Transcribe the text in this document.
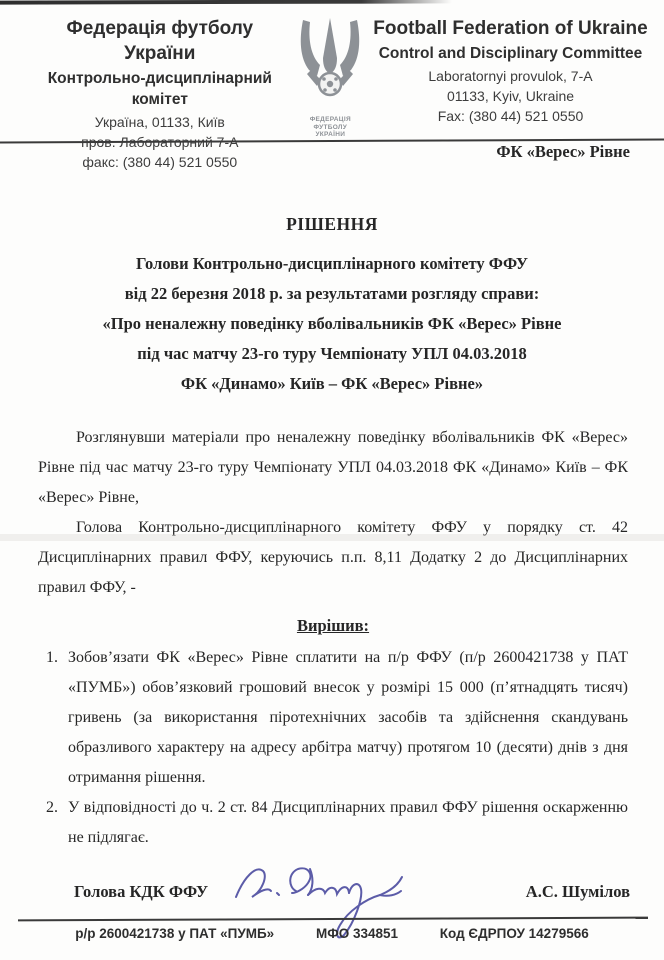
Федерація футболу України
Контрольно-дисциплінарний комітет
Україна, 01133, Київ
факс: (380 44) 521 0550
ФЕДЕРАЦІЯ
ФУТБОЛУ
УКРАЇНИ
Football Federation of Ukraine
Control and Disciplinary Committee
Laboratornyi provulok, 7-A
01133, Kyiv, Ukraine
Fax: (380 44) 521 0550
ФК «Верес» Рівне
РІШЕННЯ
Голови Контрольно-дисциплінарного комітету ФФУ
від 22 березня 2018 р. за результатами розгляду справи:
«Про неналежну поведінку вболівальників ФК «Верес» Рівне
під час матчу 23-го туру Чемпіонату УПЛ 04.03.2018
ФК «Динамо» Київ – ФК «Верес» Рівне»

Розглянувши матеріали про неналежну поведінку вболівальників ФК «Верес» Рівне під час матчу 23-го туру Чемпіонату УПЛ 04.03.2018 ФК «Динамо» Київ – ФК «Верес» Рівне,

Голова Контрольно-дисциплінарного комітету ФФУ у порядку ст. 42 Дисциплінарних правил ФФУ, керуючись п.п. 8,11 Додатку 2 до Дисциплінарних правил ФФУ, -

Вирішив:
1. Зобов’язати ФК «Верес» Рівне сплатити на п/р ФФУ (п/р 2600421738 у ПАТ «ПУМБ») обов’язковий грошовий внесок у розмірі 15 000 (п’ятнадцять тисяч) гривень (за використання піротехнічних засобів та здійснення скандувань образливого характеру на адресу арбітра матчу) протягом 10 (десяти) днів з дня отримання рішення.
2. У відповідності до ч. 2 ст. 84 Дисциплінарних правил ФФУ рішення оскарженню не підлягає.
Голова КДК ФФУ	А.С. Шумілов
р/р 2600421738 у ПАТ «ПУМБ»	МФО 334851	Код ЄДРПОУ 14279566
